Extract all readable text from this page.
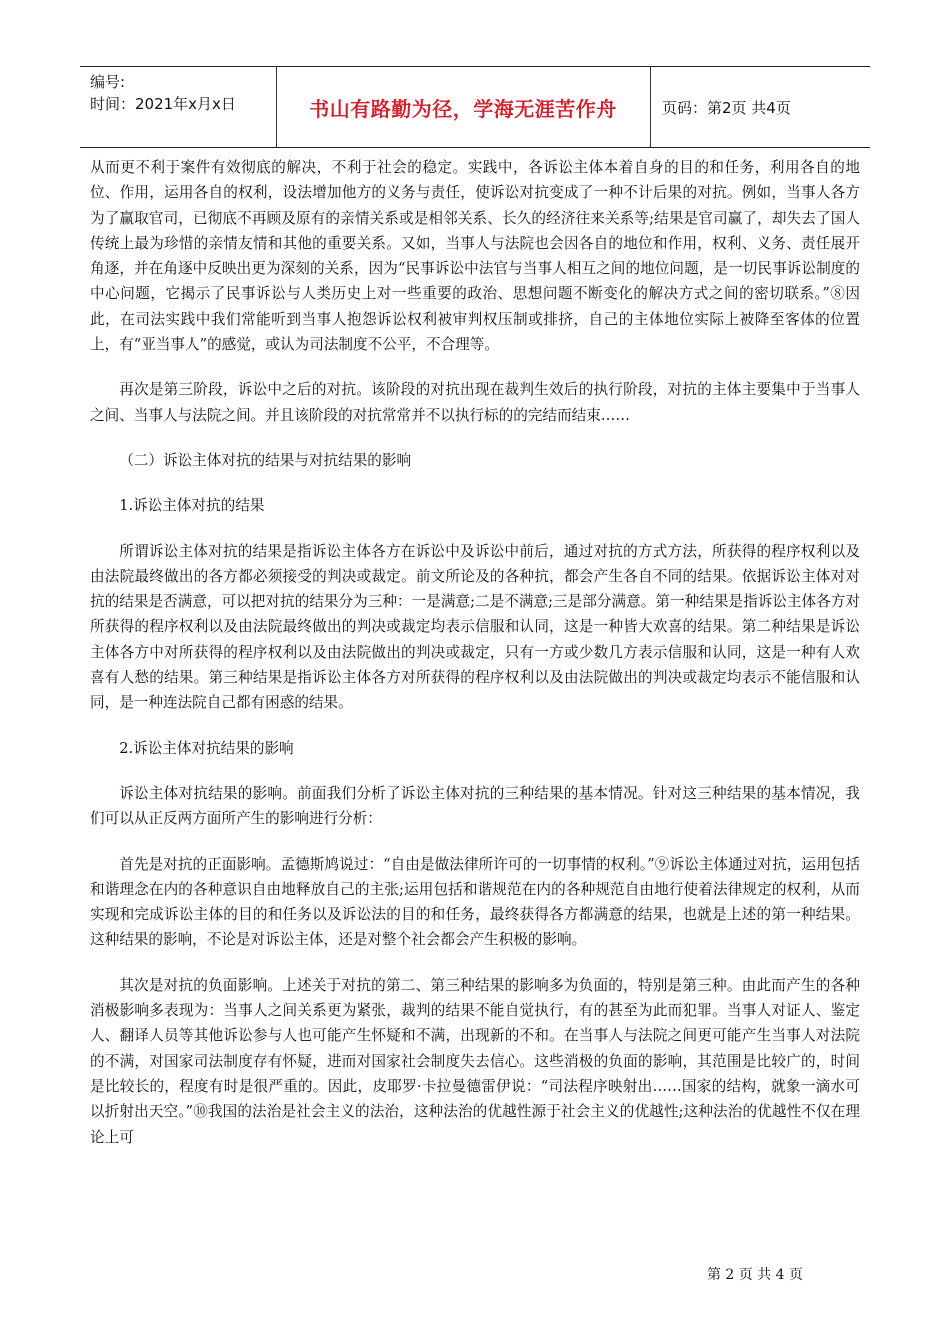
编号:
时间：2021年x月x日	书山有路勤为径，学海无涯苦作舟	页码：第2页 共4页

从而更不利于案件有效彻底的解决，不利于社会的稳定。实践中，各诉讼主体本着自身的目的和任务，利用各自的地位、作用，运用各自的权利，设法增加他方的义务与责任，使诉讼对抗变成了一种不计后果的对抗。例如，当事人各方为了赢取官司，已彻底不再顾及原有的亲情关系或是相邻关系、长久的经济往来关系等;结果是官司赢了，却失去了国人传统上最为珍惜的亲情友情和其他的重要关系。又如，当事人与法院也会因各自的地位和作用，权利、义务、责任展开角逐，并在角逐中反映出更为深刻的关系，因为“民事诉讼中法官与当事人相互之间的地位问题，是一切民事诉讼制度的中心问题，它揭示了民事诉讼与人类历史上对一些重要的政治、思想问题不断变化的解决方式之间的密切联系。”⑧因此，在司法实践中我们常能听到当事人抱怨诉讼权利被审判权压制或排挤，自己的主体地位实际上被降至客体的位置上，有“亚当事人”的感觉，或认为司法制度不公平，不合理等。

再次是第三阶段，诉讼中之后的对抗。该阶段的对抗出现在裁判生效后的执行阶段，对抗的主体主要集中于当事人之间、当事人与法院之间。并且该阶段的对抗常常并不以执行标的的完结而结束……

（二）诉讼主体对抗的结果与对抗结果的影响

1.诉讼主体对抗的结果

所谓诉讼主体对抗的结果是指诉讼主体各方在诉讼中及诉讼中前后，通过对抗的方式方法，所获得的程序权利以及由法院最终做出的各方都必须接受的判决或裁定。前文所论及的各种抗，都会产生各自不同的结果。依据诉讼主体对对抗的结果是否满意，可以把对抗的结果分为三种：一是满意;二是不满意;三是部分满意。第一种结果是指诉讼主体各方对所获得的程序权利以及由法院最终做出的判决或裁定均表示信服和认同，这是一种皆大欢喜的结果。第二种结果是诉讼主体各方中对所获得的程序权利以及由法院做出的判决或裁定，只有一方或少数几方表示信服和认同，这是一种有人欢喜有人愁的结果。第三种结果是指诉讼主体各方对所获得的程序权利以及由法院做出的判决或裁定均表示不能信服和认同，是一种连法院自己都有困惑的结果。

2.诉讼主体对抗结果的影响

诉讼主体对抗结果的影响。前面我们分析了诉讼主体对抗的三种结果的基本情况。针对这三种结果的基本情况，我们可以从正反两方面所产生的影响进行分析：

首先是对抗的正面影响。孟德斯鸠说过：“自由是做法律所许可的一切事情的权利。”⑨诉讼主体通过对抗，运用包括和谐理念在内的各种意识自由地释放自己的主张;运用包括和谐规范在内的各种规范自由地行使着法律规定的权利，从而实现和完成诉讼主体的目的和任务以及诉讼法的目的和任务，最终获得各方都满意的结果，也就是上述的第一种结果。这种结果的影响，不论是对诉讼主体，还是对整个社会都会产生积极的影响。

其次是对抗的负面影响。上述关于对抗的第二、第三种结果的影响多为负面的，特别是第三种。由此而产生的各种消极影响多表现为：当事人之间关系更为紧张，裁判的结果不能自觉执行，有的甚至为此而犯罪。当事人对证人、鉴定人、翻译人员等其他诉讼参与人也可能产生怀疑和不满，出现新的不和。在当事人与法院之间更可能产生当事人对法院的不满，对国家司法制度存有怀疑，进而对国家社会制度失去信心。这些消极的负面的影响，其范围是比较广的，时间是比较长的，程度有时是很严重的。因此，皮耶罗·卡拉曼德雷伊说：“司法程序映射出……国家的结构，就象一滴水可以折射出天空。”⑩我国的法治是社会主义的法治，这种法治的优越性源于社会主义的优越性;这种法治的优越性不仅在理论上可

第 2 页 共 4 页
